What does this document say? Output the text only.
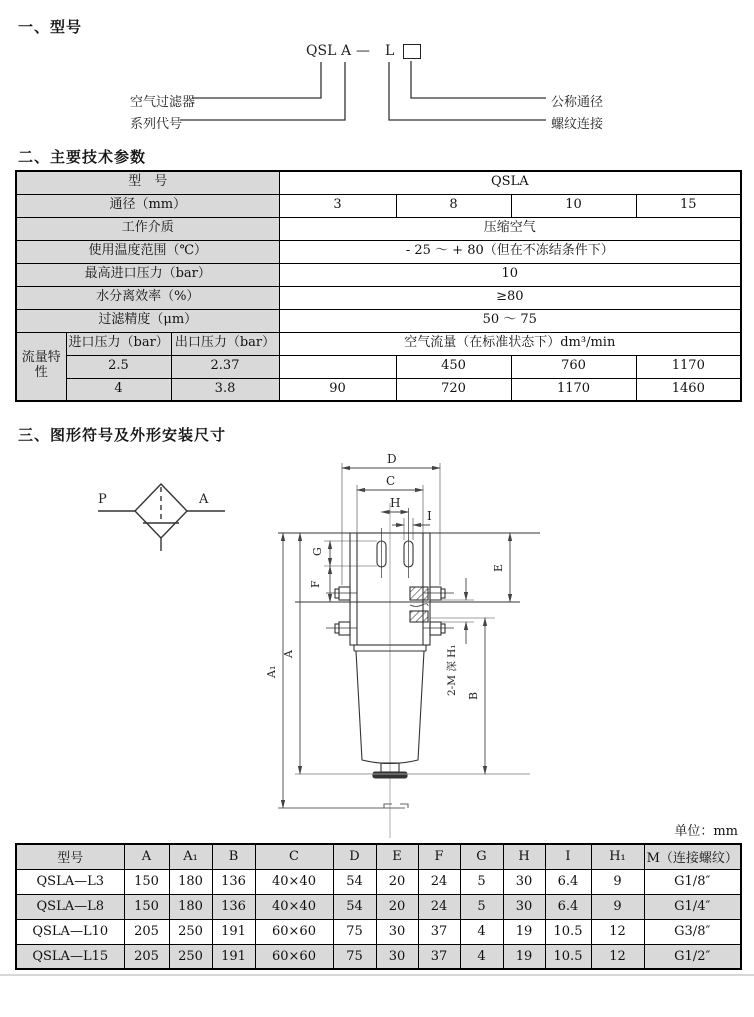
一、型号
QSL A — L
空气过滤器
系列代号
公称通径
螺纹连接
二、主要技术参数
型　号			QSLA			
通径（mm）			3	8	10	15
工作介质			压缩空气			
使用温度范围（℃）			- 25 ～ + 80（但在不冻结条件下）			
最高进口压力（bar）			10			
水分离效率（%）			≥80			
过滤精度（μm）			50 ～ 75			
流量特性	进口压力（bar）	出口压力（bar）	空气流量（在标准状态下）dm³/min			
	2.5	2.37		450	760	1170
	4	3.8	90	720	1170	1460
三、图形符号及外形安装尺寸
P	A
D
C
H
I
G
F
A
A₁
E
B
2-M 深 H₁
单位：mm
型号	A	A₁	B	C	D	E	F	G	H	I	H₁	M（连接螺纹）
QSLA—L3	150	180	136	40×40	54	20	24	5	30	6.4	9	G1/8″
QSLA—L8	150	180	136	40×40	54	20	24	5	30	6.4	9	G1/4″
QSLA—L10	205	250	191	60×60	75	30	37	4	19	10.5	12	G3/8″
QSLA—L15	205	250	191	60×60	75	30	37	4	19	10.5	12	G1/2″
